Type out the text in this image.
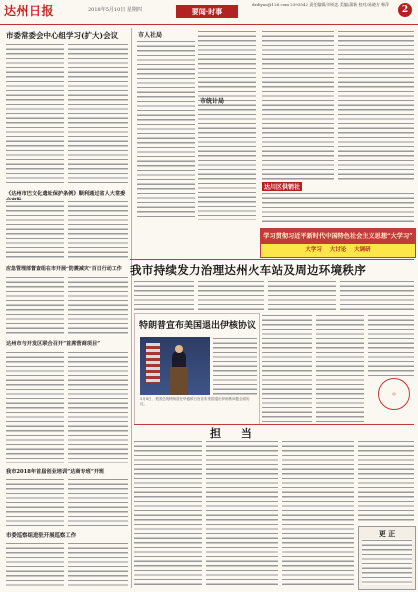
达州日报	2018年5月10日 星期四	要闻·时事
dzdiyao@126.com 2393542 责任编辑/刘英忠 美编/蒲新 校对/易晓方 韩萍
2
市委常委会中心组学习(扩大)会议
《达州市巴文化遗址保护条例》顺利通过省人大常委
应急管理部督查组在市开展“防震减灾”百日行动工作
达州市与开发区联合召开“首席营商项目”
我市2018年首届创业培训“达商专班”开班
市委巡察组进驻开展巡察工作
市人社局
市统计局
达川区供销社
学习贯彻习近平新时代中国特色社会主义思想“大学习”
大学习 大讨论 大调研
我市持续发力治理达州火车站及周边环境秩序
特朗普宣布美国退出伊核协议
5月8日，美国总统特朗普在华盛顿白宫宣布美国退出伊朗核问题全面协议。
◎
担 当
更 正
